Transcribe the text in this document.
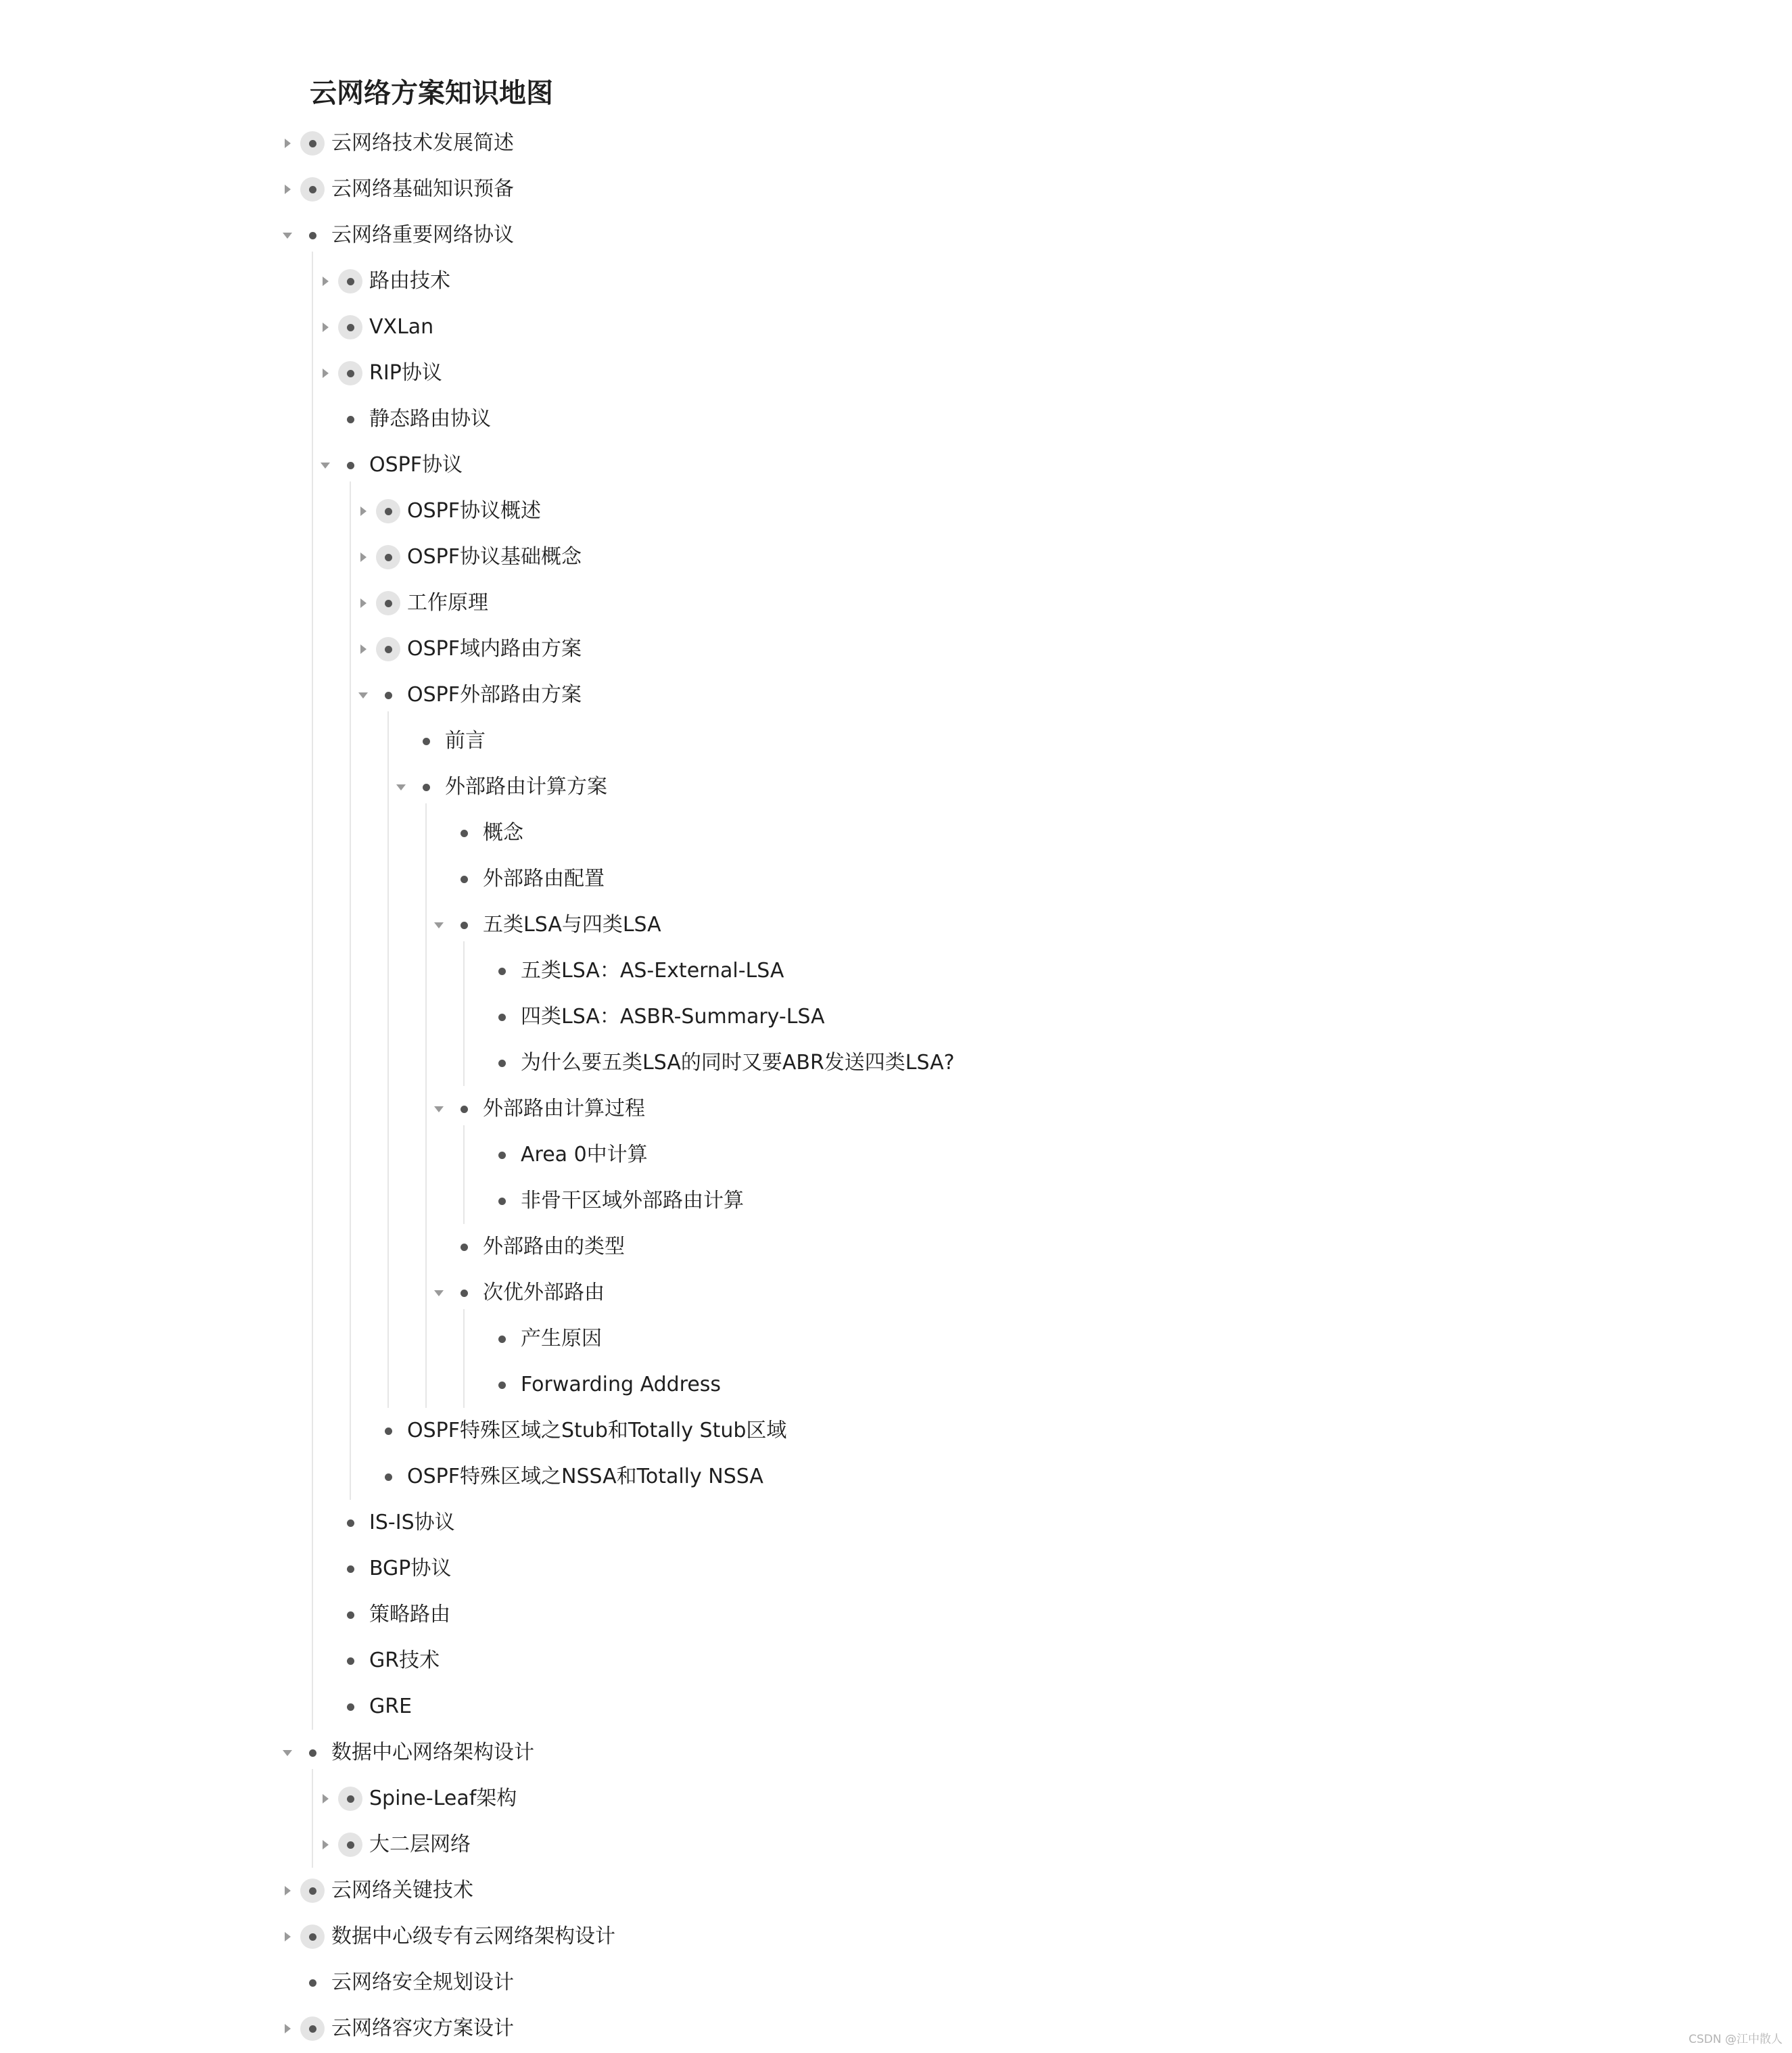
云网络方案知识地图
云网络技术发展简述
云网络基础知识预备
云网络重要网络协议
路由技术
VXLan
RIP协议
静态路由协议
OSPF协议
OSPF协议概述
OSPF协议基础概念
工作原理
OSPF域内路由方案
OSPF外部路由方案
前言
外部路由计算方案
概念
外部路由配置
五类LSA与四类LSA
五类LSA：AS-External-LSA
四类LSA：ASBR-Summary-LSA
为什么要五类LSA的同时又要ABR发送四类LSA?
外部路由计算过程
Area 0中计算
非骨干区域外部路由计算
外部路由的类型
次优外部路由
产生原因
Forwarding Address
OSPF特殊区域之Stub和Totally Stub区域
OSPF特殊区域之NSSA和Totally NSSA
IS-IS协议
BGP协议
策略路由
GR技术
GRE
数据中心网络架构设计
Spine-Leaf架构
大二层网络
云网络关键技术
数据中心级专有云网络架构设计
云网络安全规划设计
云网络容灾方案设计	CSDN @江中散人
